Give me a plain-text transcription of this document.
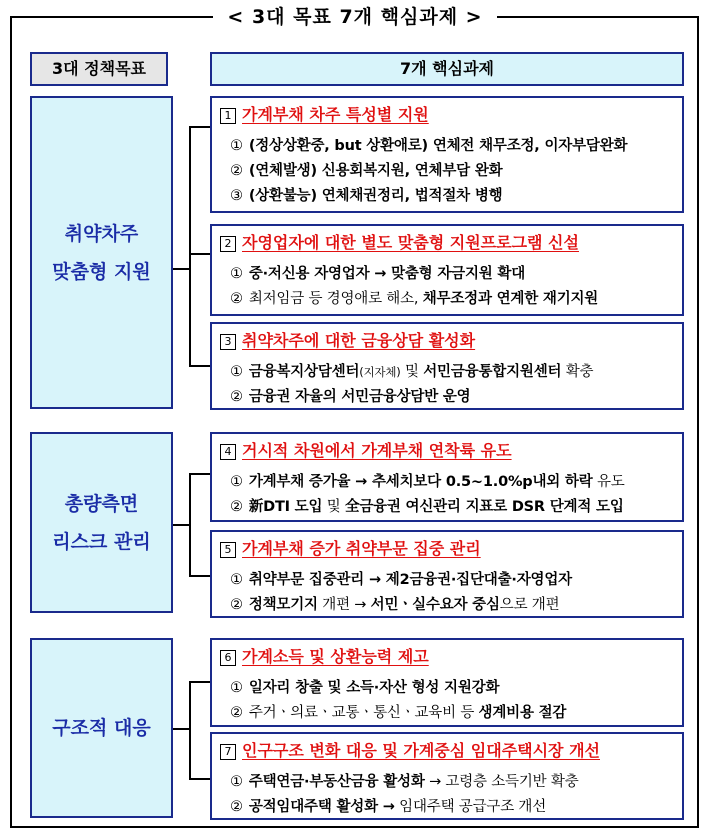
< 3대 목표 7개 핵심과제 >
3대 정책목표	7개 핵심과제
취약차주
맞춤형 지원
총량측면
리스크 관리
구조적 대응
1 가계부채 차주 특성별 지원
① (정상상환중, but 상환애로) 연체전 채무조정, 이자부담완화
② (연체발생) 신용회복지원, 연체부담 완화
③ (상환불능) 연체채권정리, 법적절차 병행
2 자영업자에 대한 별도 맞춤형 지원프로그램 신설
① 중·저신용 자영업자 → 맞춤형 자금지원 확대
② 최저임금 등 경영애로 해소, 채무조정과 연계한 재기지원
3 취약차주에 대한 금융상담 활성화
① 금융복지상담센터(지자체) 및 서민금융통합지원센터 확충
② 금융권 자율의 서민금융상담반 운영
4 거시적 차원에서 가계부채 연착륙 유도
① 가계부채 증가율 → 추세치보다 0.5~1.0%p내외 하락 유도
② 新DTI 도입 및 全금융권 여신관리 지표로 DSR 단계적 도입
5 가계부채 증가 취약부문 집중 관리
① 취약부문 집중관리 → 제2금융권·집단대출·자영업자
② 정책모기지 개편 → 서민ㆍ실수요자 중심으로 개편
6 가계소득 및 상환능력 제고
① 일자리 창출 및 소득·자산 형성 지원강화
② 주거ㆍ의료ㆍ교통ㆍ통신ㆍ교육비 등 생계비용 절감
7 인구구조 변화 대응 및 가계중심 임대주택시장 개선
① 주택연금·부동산금융 활성화 → 고령층 소득기반 확충
② 공적임대주택 활성화 → 임대주택 공급구조 개선
